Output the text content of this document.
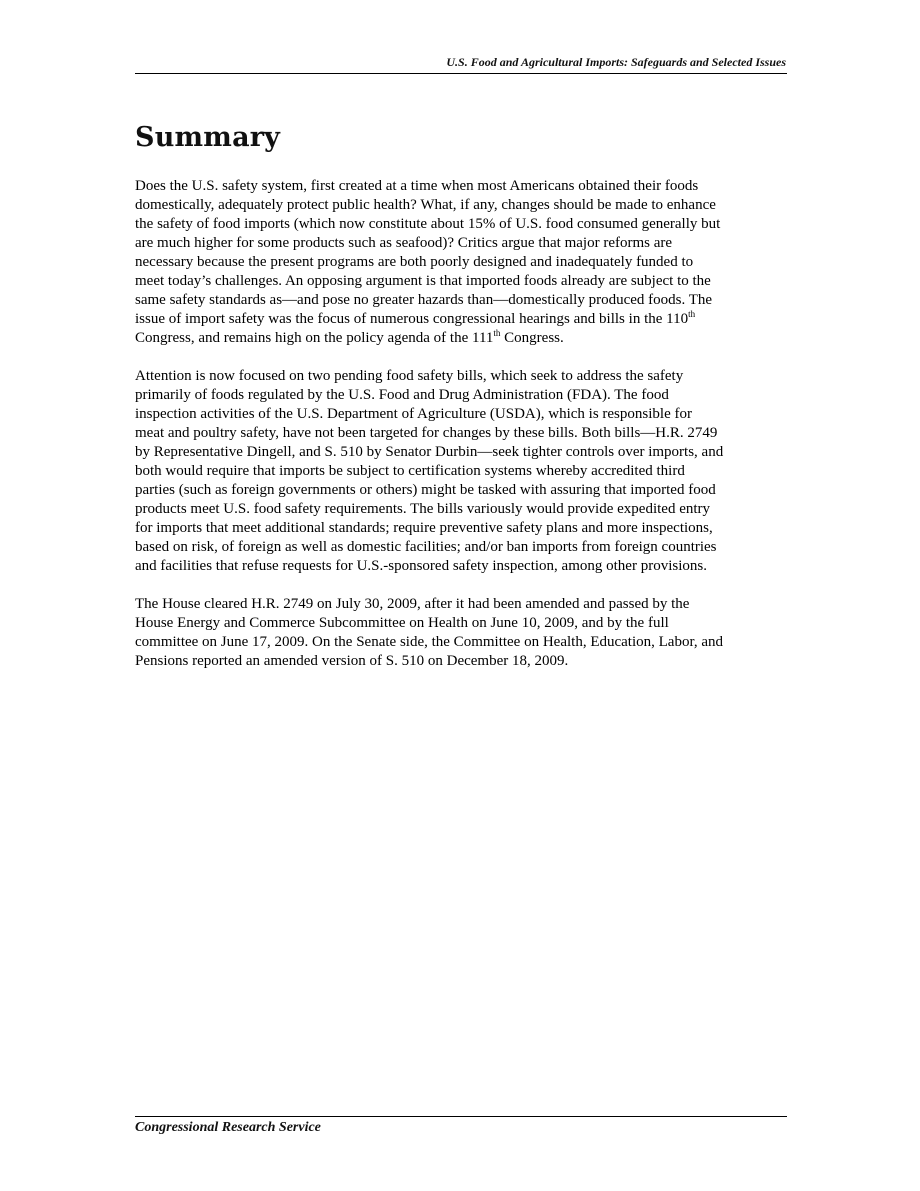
U.S. Food and Agricultural Imports: Safeguards and Selected Issues
Summary

Does the U.S. safety system, first created at a time when most Americans obtained their foods
domestically, adequately protect public health? What, if any, changes should be made to enhance
the safety of food imports (which now constitute about 15% of U.S. food consumed generally but
are much higher for some products such as seafood)? Critics argue that major reforms are
necessary because the present programs are both poorly designed and inadequately funded to
meet today’s challenges. An opposing argument is that imported foods already are subject to the
same safety standards as—and pose no greater hazards than—domestically produced foods. The
issue of import safety was the focus of numerous congressional hearings and bills in the 110th
Congress, and remains high on the policy agenda of the 111th Congress.

Attention is now focused on two pending food safety bills, which seek to address the safety
primarily of foods regulated by the U.S. Food and Drug Administration (FDA). The food
inspection activities of the U.S. Department of Agriculture (USDA), which is responsible for
meat and poultry safety, have not been targeted for changes by these bills. Both bills—H.R. 2749
by Representative Dingell, and S. 510 by Senator Durbin—seek tighter controls over imports, and
both would require that imports be subject to certification systems whereby accredited third
parties (such as foreign governments or others) might be tasked with assuring that imported food
products meet U.S. food safety requirements. The bills variously would provide expedited entry
for imports that meet additional standards; require preventive safety plans and more inspections,
based on risk, of foreign as well as domestic facilities; and/or ban imports from foreign countries
and facilities that refuse requests for U.S.-sponsored safety inspection, among other provisions.

The House cleared H.R. 2749 on July 30, 2009, after it had been amended and passed by the
House Energy and Commerce Subcommittee on Health on June 10, 2009, and by the full
committee on June 17, 2009. On the Senate side, the Committee on Health, Education, Labor, and
Pensions reported an amended version of S. 510 on December 18, 2009.

Congressional Research Service
